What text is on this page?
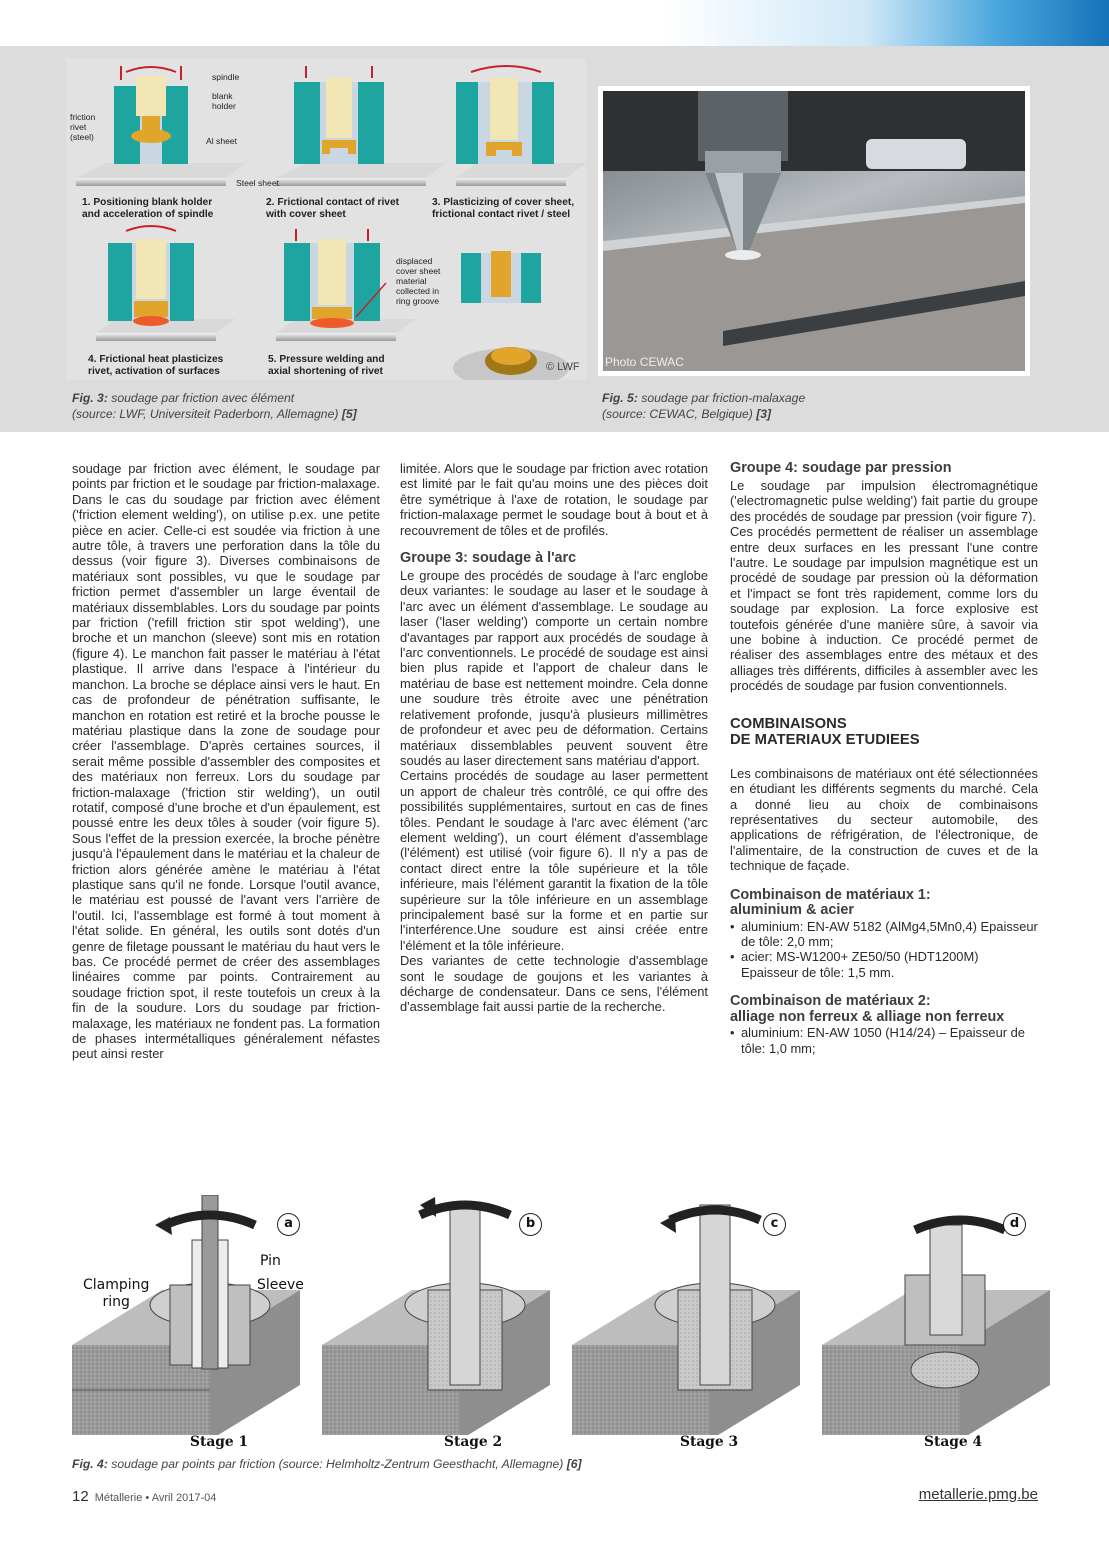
spindle
blank
holder
friction
rivet
(steel)	Al sheet
Steel sheet
displaced
cover sheet
material
collected in
ring groove
1. Positioning blank holder
and acceleration of spindle
2. Frictional contact of rivet
with cover sheet
3. Plasticizing of cover sheet,
frictional contact rivet / steel
4. Frictional heat plasticizes
rivet, activation of surfaces
5. Pressure welding and
axial shortening of rivet	© LWF Photo CEWAC
Fig. 3: soudage par friction avec élément
(source: LWF, Universiteit Paderborn, Allemagne) [5]
Fig. 5: soudage par friction-malaxage
(source: CEWAC, Belgique) [3]

soudage par friction avec élément, le soudage par points par friction et le soudage par friction-malaxage. Dans le cas du soudage par friction avec élément ('friction element welding'), on utilise p.ex. une petite pièce en acier. Celle-ci est soudée via friction à une autre tôle, à travers une perforation dans la tôle du dessus (voir figure 3). Diverses combinaisons de matériaux sont possibles, vu que le soudage par friction permet d'assembler un large éventail de matériaux dissemblables. Lors du soudage par points par friction ('refill friction stir spot welding'), une broche et un manchon (sleeve) sont mis en rotation (figure 4). Le manchon fait passer le matériau à l'état plastique. Il arrive dans l'espace à l'intérieur du manchon. La broche se déplace ainsi vers le haut. En cas de profondeur de pénétration suffisante, le manchon en rotation est retiré et la broche pousse le matériau plastique dans la zone de soudage pour créer l'assemblage. D'après certaines sources, il serait même possible d'assembler des composites et des matériaux non ferreux. Lors du soudage par friction-malaxage ('friction stir welding'), un outil rotatif, composé d'une broche et d'un épaulement, est poussé entre les deux tôles à souder (voir figure 5). Sous l'effet de la pression exercée, la broche pénètre jusqu'à l'épaulement dans le matériau et la chaleur de friction alors générée amène le matériau à l'état plastique sans qu'il ne fonde. Lorsque l'outil avance, le matériau est poussé de l'avant vers l'arrière de l'outil. Ici, l'assemblage est formé à tout moment à l'état solide. En général, les outils sont dotés d'un genre de filetage poussant le matériau du haut vers le bas. Ce procédé permet de créer des assemblages linéaires comme par points. Contrairement au soudage friction spot, il reste toutefois un creux à la fin de la soudure. Lors du soudage par friction-malaxage, les matériaux ne fondent pas. La formation de phases intermétalliques généralement néfastes peut ainsi rester

limitée. Alors que le soudage par friction avec rotation est limité par le fait qu'au moins une des pièces doit être symétrique à l'axe de rotation, le soudage par friction-malaxage permet le soudage bout à bout et à recouvrement de tôles et de profilés.

Groupe 3: soudage à l'arc

Le groupe des procédés de soudage à l'arc englobe deux variantes: le soudage au laser et le soudage à l'arc avec un élément d'assemblage. Le soudage au laser ('laser welding') comporte un certain nombre d'avantages par rapport aux procédés de soudage à l'arc conventionnels. Le procédé de soudage est ainsi bien plus rapide et l'apport de chaleur dans le matériau de base est nettement moindre. Cela donne une soudure très étroite avec une pénétration relativement profonde, jusqu'à plusieurs millimètres de profondeur et avec peu de déformation. Certains matériaux dissemblables peuvent souvent être soudés au laser directement sans matériau d'apport.

Certains procédés de soudage au laser permettent un apport de chaleur très contrôlé, ce qui offre des possibilités supplémentaires, surtout en cas de fines tôles. Pendant le soudage à l'arc avec élément ('arc element welding'), un court élément d'assemblage (l'élément) est utilisé (voir figure 6). Il n'y a pas de contact direct entre la tôle supérieure et la tôle inférieure, mais l'élément garantit la fixation de la tôle supérieure sur la tôle inférieure en un assemblage principalement basé sur la forme et en partie sur l'interférence.Une soudure est ainsi créée entre l'élément et la tôle inférieure.

Des variantes de cette technologie d'assemblage sont le soudage de goujons et les variantes à décharge de condensateur. Dans ce sens, l'élément d'assemblage fait aussi partie de la recherche.

Groupe 4: soudage par pression

Le soudage par impulsion électromagnétique ('electromagnetic pulse welding') fait partie du groupe des procédés de soudage par pression (voir figure 7).

Ces procédés permettent de réaliser un assemblage entre deux surfaces en les pressant l'une contre l'autre. Le soudage par impulsion magnétique est un procédé de soudage par pression où la déformation et l'impact se font très rapidement, comme lors du soudage par explosion. La force explosive est toutefois générée d'une manière sûre, à savoir via une bobine à induction. Ce procédé permet de réaliser des assemblages entre des métaux et des alliages très différents, difficiles à assembler avec les procédés de soudage par fusion conventionnels.

COMBINAISONS
DE MATERIAUX ETUDIEES

Les combinaisons de matériaux ont été sélectionnées en étudiant les différents segments du marché. Cela a donné lieu au choix de combinaisons représentatives du secteur automobile, des applications de réfrigération, de l'électronique, de l'alimentaire, de la construction de cuves et de la technique de façade.

Combinaison de matériaux 1:
aluminium & acier
• aluminium: EN-AW 5182 (AlMg4,5Mn0,4) Epaisseur de tôle: 2,0 mm;
• acier: MS-W1200+ ZE50/50 (HDT1200M) Epaisseur de tôle: 1,5 mm.
Combinaison de matériaux 2:
alliage non ferreux & alliage non ferreux
• aluminium: EN-AW 1050 (H14/24) – Epaisseur de tôle: 1,0 mm;
a	b	c	d
Clamping
ring
Pin
Sleeve
Stage 1	Stage 2	Stage 3	Stage 4
Fig. 4: soudage par points par friction (source: Helmholtz-Zentrum Geesthacht, Allemagne) [6]
12 Métallerie • Avril 2017-04	metallerie.pmg.be
